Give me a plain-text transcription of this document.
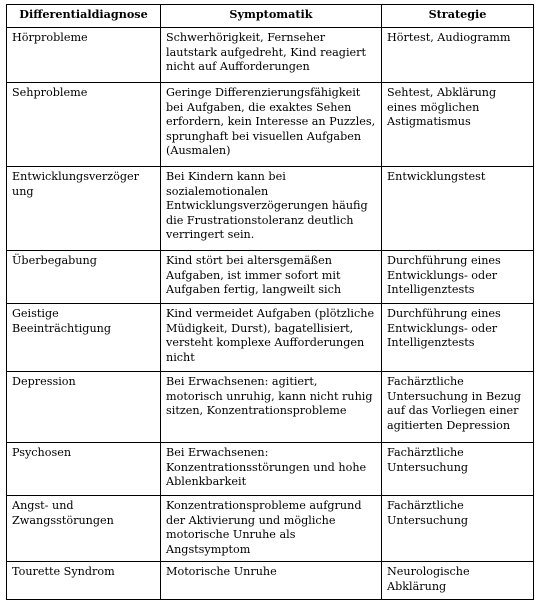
Differentialdiagnose	Symptomatik	Strategie
Hörprobleme	Schwerhörigkeit, Fernseher lautstark aufgedreht, Kind reagiert nicht auf Aufforderungen	Hörtest, Audiogramm
Sehprobleme	Geringe Differenzierungsfähigkeit bei Aufgaben, die exaktes Sehen erfordern, kein Interesse an Puzzles, sprunghaft bei visuellen Aufgaben (Ausmalen)	Sehtest, Abklärung eines möglichen Astigmatismus
Entwicklungsverzöger ung	Bei Kindern kann bei sozialemotionalen Entwicklungsverzögerungen häufig die Frustrationstoleranz deutlich verringert sein.	Entwicklungstest
Überbegabung	Kind stört bei altersgemäßen Aufgaben, ist immer sofort mit Aufgaben fertig, langweilt sich	Durchführung eines Entwicklungs- oder Intelligenztests
Geistige Beeinträchtigung	Kind vermeidet Aufgaben (plötzliche Müdigkeit, Durst), bagatellisiert, versteht komplexe Aufforderungen nicht	Durchführung eines Entwicklungs- oder Intelligenztests
Depression	Bei Erwachsenen: agitiert, motorisch unruhig, kann nicht ruhig sitzen, Konzentrationsprobleme	Fachärztliche Untersuchung in Bezug auf das Vorliegen einer agitierten Depression
Psychosen	Bei Erwachsenen: Konzentrationsstörungen und hohe Ablenkbarkeit	Fachärztliche Untersuchung
Angst- und Zwangsstörungen	Konzentrationsprobleme aufgrund der Aktivierung und mögliche motorische Unruhe als Angstsymptom	Fachärztliche Untersuchung
Tourette Syndrom	Motorische Unruhe	Neurologische Abklärung
